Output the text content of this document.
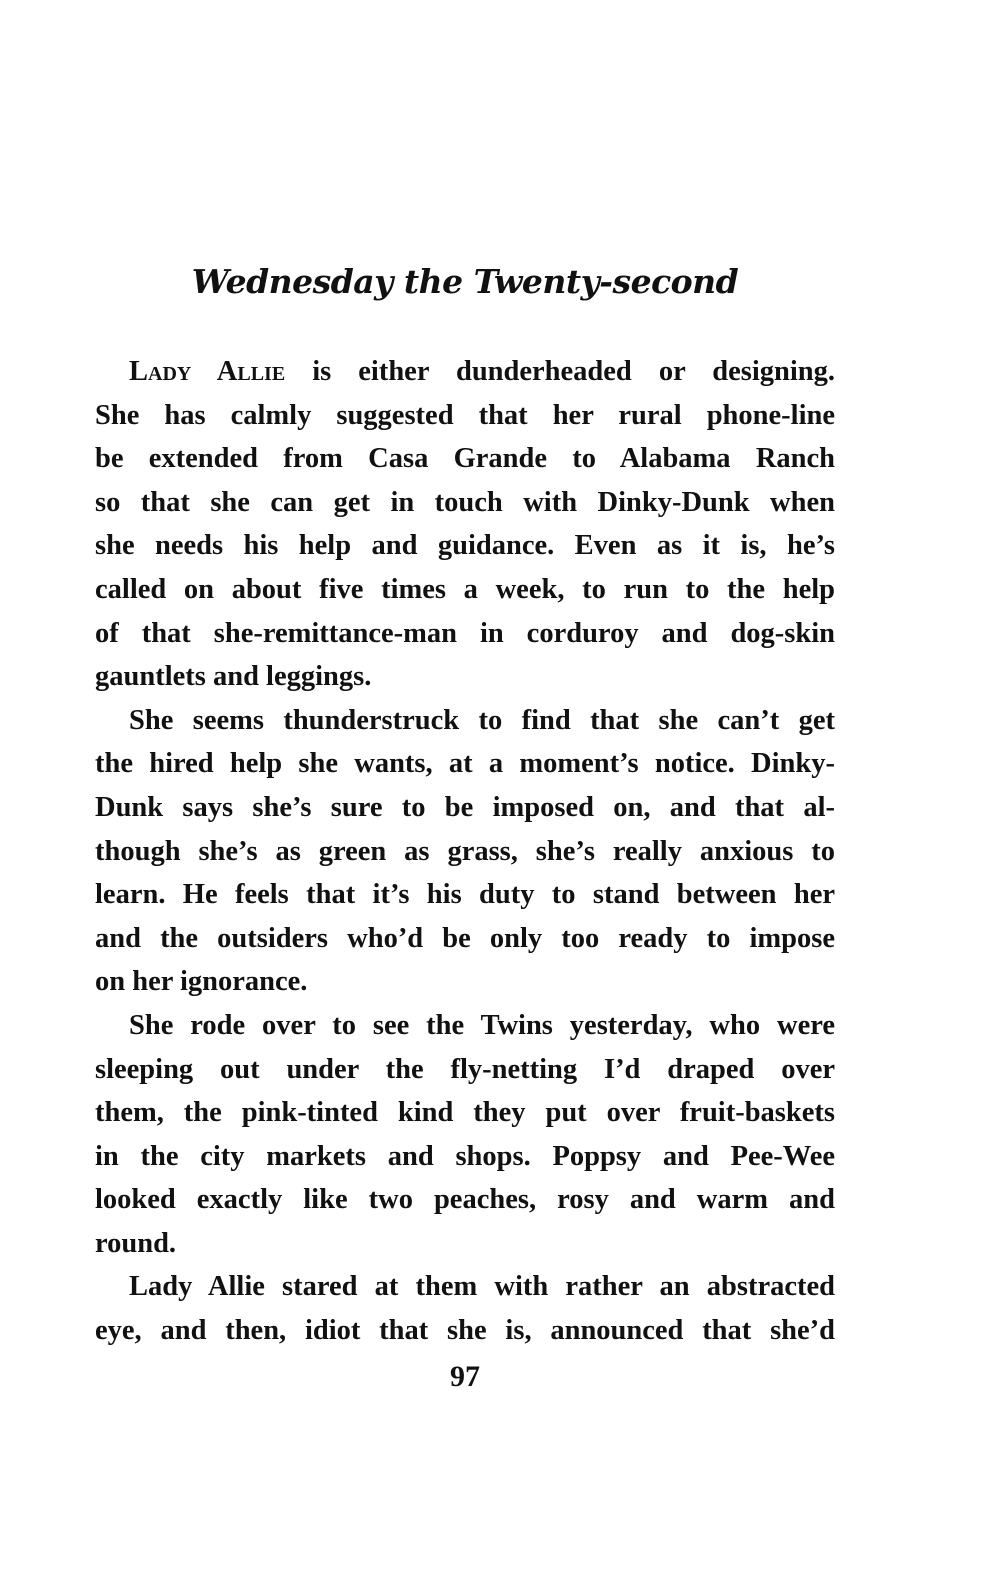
Wednesday the Twenty-second

Lady Allie is either dunderheaded or designing.
She has calmly suggested that her rural phone-line
be extended from Casa Grande to Alabama Ranch
so that she can get in touch with Dinky-Dunk when
she needs his help and guidance. Even as it is, he’s
called on about five times a week, to run to the help
of that she-remittance-man in corduroy and dog-skin
gauntlets and leggings.

She seems thunderstruck to find that she can’t get
the hired help she wants, at a moment’s notice. Dinky-
Dunk says she’s sure to be imposed on, and that al-
though she’s as green as grass, she’s really anxious to
learn. He feels that it’s his duty to stand between her
and the outsiders who’d be only too ready to impose
on her ignorance.

She rode over to see the Twins yesterday, who were
sleeping out under the fly-netting I’d draped over
them, the pink-tinted kind they put over fruit-baskets
in the city markets and shops. Poppsy and Pee-Wee
looked exactly like two peaches, rosy and warm and
round.

Lady Allie stared at them with rather an abstracted
eye, and then, idiot that she is, announced that she’d

97
